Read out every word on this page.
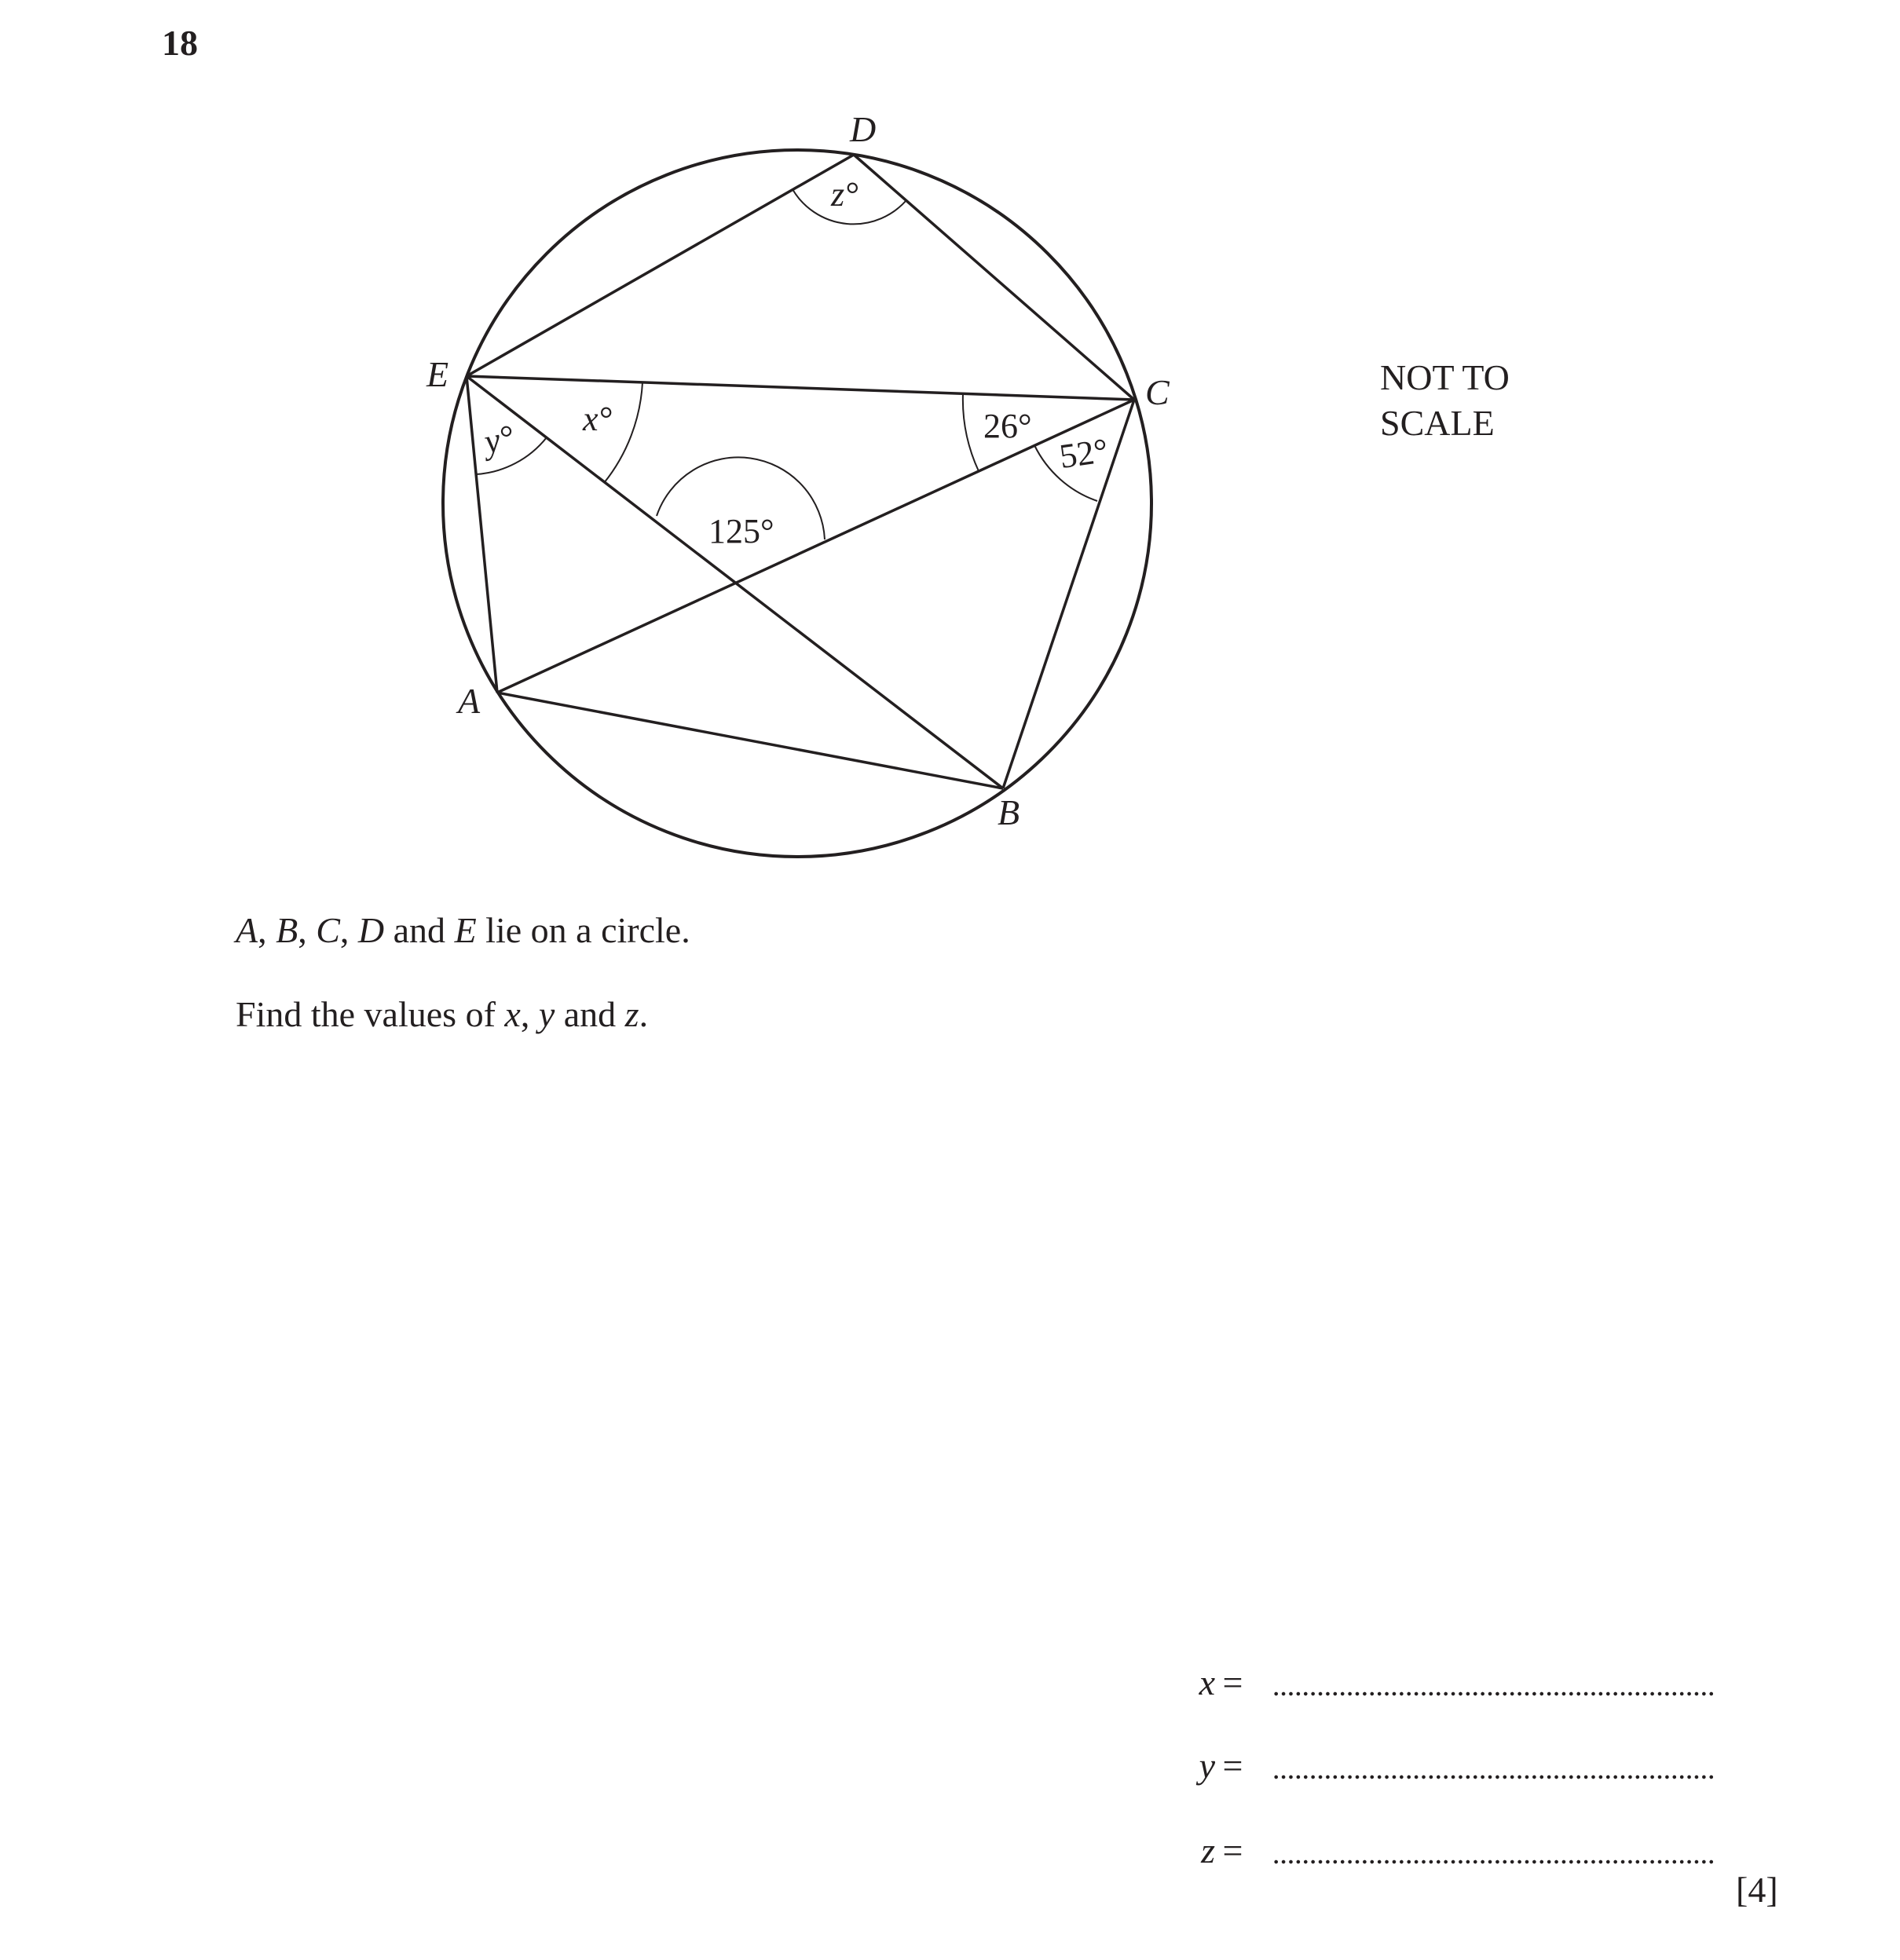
18
D
E	C
A
B
z°
x°
y°
125°
26°
52°
NOT TO
SCALE
A, B, C, D and E lie on a circle.
Find the values of x, y and z.
x =
y =
z =
[4]
